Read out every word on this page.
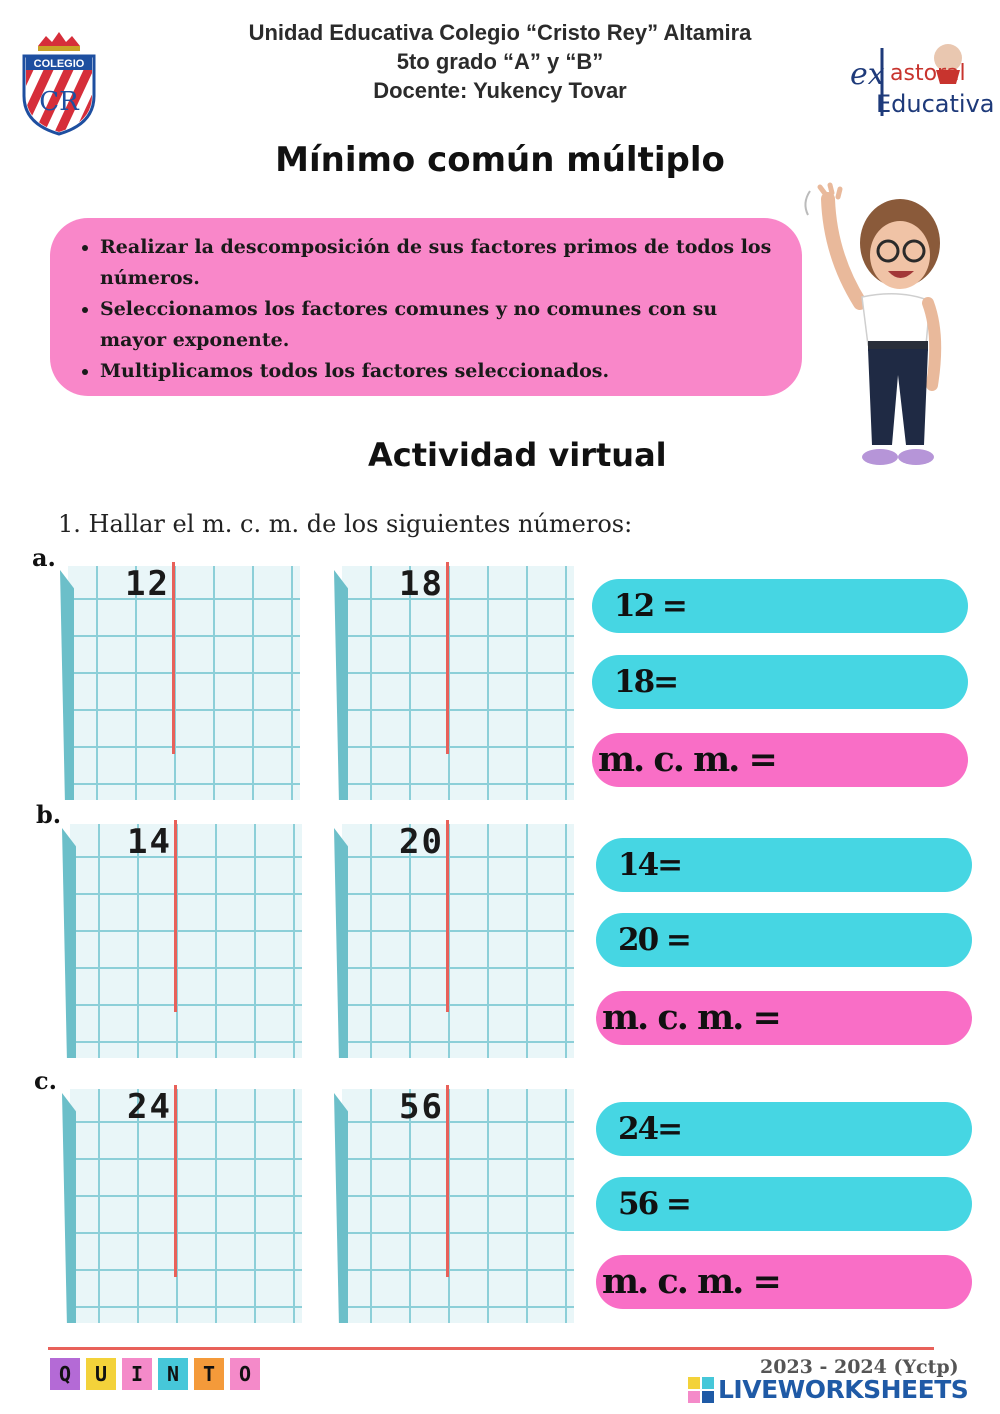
Unidad Educativa Colegio “Cristo Rey” Altamira
5to grado “A” y “B”
Docente: Yukency Tovar
COLEGIO
CR
ex astoral
Educativa
Mínimo común múltiplo
• Realizar la descomposición de sus factores primos de todos los números.
• Seleccionamos los factores comunes y no comunes con su mayor exponente.
• Multiplicamos todos los factores seleccionados.
Actividad virtual
1. Hallar el m. c. m. de los siguientes números:
a.
12	18
12 =
18=
m. c. m. =
b.
14	20
14=
20 =
m. c. m. =
c.
24	56
24=
56 =
m. c. m. =
Q	U	I	N	T	O	2023 - 2024 (Yctp)
LIVEWORKSHEETS
